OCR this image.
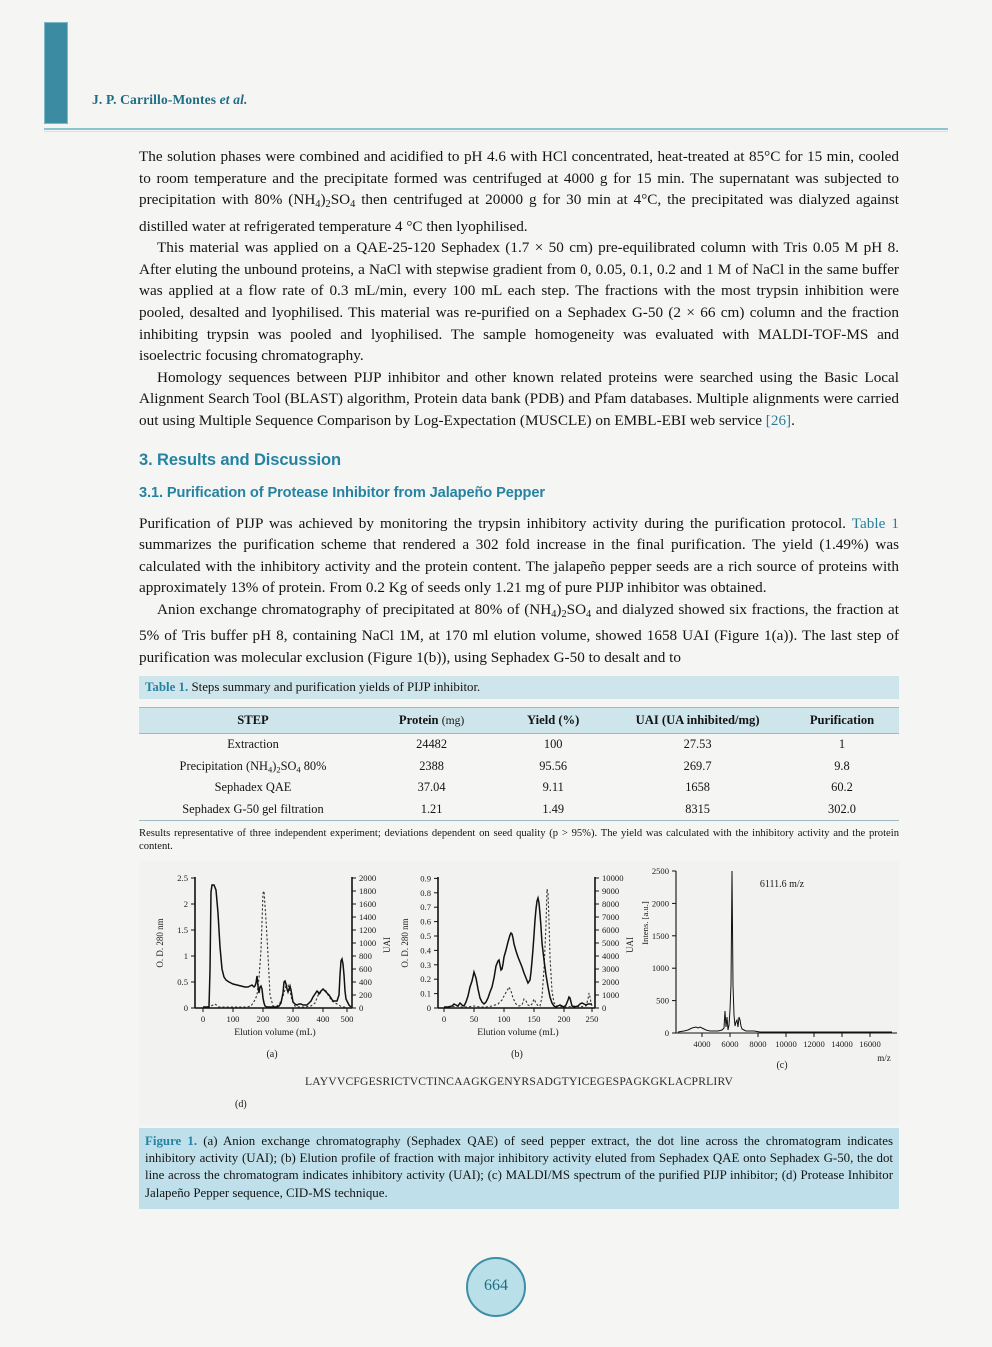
J. P. Carrillo-Montes et al.

The solution phases were combined and acidified to pH 4.6 with HCl concentrated, heat-treated at 85°C for 15 min, cooled to room temperature and the precipitate formed was centrifuged at 4000 g for 15 min. The supernatant was subjected to precipitation with 80% $(NH_4)_2SO_4$ then centrifuged at 20000 g for 30 min at 4°C, the precipitated was dialyzed against distilled water at refrigerated temperature 4 °C then lyophilised.

This material was applied on a QAE-25-120 Sephadex (1.7 × 50 cm) pre-equilibrated column with Tris 0.05 M pH 8. After eluting the unbound proteins, a NaCl with stepwise gradient from 0, 0.05, 0.1, 0.2 and 1 M of NaCl in the same buffer was applied at a flow rate of 0.3 mL/min, every 100 mL each step. The fractions with the most trypsin inhibition were pooled, desalted and lyophilised. This material was re-purified on a Sephadex G-50 (2 × 66 cm) column and the fraction inhibiting trypsin was pooled and lyophilised. The sample homogeneity was evaluated with MALDI-TOF-MS and isoelectric focusing chromatography.

Homology sequences between PIJP inhibitor and other known related proteins were searched using the Basic Local Alignment Search Tool (BLAST) algorithm, Protein data bank (PDB) and Pfam databases. Multiple alignments were carried out using Multiple Sequence Comparison by Log-Expectation (MUSCLE) on EMBL-EBI web service [26].

3. Results and Discussion
3.1. Purification of Protease Inhibitor from Jalapeño Pepper

Purification of PIJP was achieved by monitoring the trypsin inhibitory activity during the purification protocol. Table 1 summarizes the purification scheme that rendered a 302 fold increase in the final purification. The yield (1.49%) was calculated with the inhibitory activity and the protein content. The jalapeño pepper seeds are a rich source of proteins with approximately 13% of protein. From 0.2 Kg of seeds only 1.21 mg of pure PIJP inhibitor was obtained.

Anion exchange chromatography of precipitated at 80% of $(NH_4)_2SO_4$ and dialyzed showed six fractions, the fraction at 5% of Tris buffer pH 8, containing NaCl 1M, at 170 ml elution volume, showed 1658 UAI (Figure 1(a)). The last step of purification was molecular exclusion (Figure 1(b)), using Sephadex G-50 to desalt and to

Table 1. Steps summary and purification yields of PIJP inhibitor.
STEP	Protein (mg)	Yield (%)	UAI (UA inhibited/mg)	Purification
Extraction	24482	100	27.53	1
Precipitation $(NH_4)_2SO_4$ 80%	2388	95.56	269.7	9.8
Sephadex QAE	37.04	9.11	1658	60.2
Sephadex G-50 gel filtration	1.21	1.49	8315	302.0
Results representative of three independent experiment; deviations dependent on seed quality (p > 95%). The yield was calculated with the inhibitory activity and the protein content.
0
0.5
1
1.5
2
2.5
0
200
400
600
800
1000
1200
1400
1600
1800
2000
0 100 200 300 400 500
Elution volume (mL)
O. D. 280 nm	UAI
(a)
0
0.1
0.2
0.3
0.4
0.5
0.6
0.7
0.8
0.9
0
1000
2000
3000
4000
5000
6000
7000
8000
9000
10000
0	50 100 150 200 250
Elution volume (mL)
O. D. 280 nm	UAI
(b)
0
500
1000
1500
2000
2500
Intens. [a.u.]
4000 6000 8000 10000 12000 14000 16000
m/z
6111.6 m/z
(c)
LAYVVCFGESRICTVCTINCAAGKGENYRSADGTYICEGESPAGKGKLACPRLIRV
(d)
Figure 1. (a) Anion exchange chromatography (Sephadex QAE) of seed pepper extract, the dot line across the chromatogram indicates inhibitory activity (UAI); (b) Elution profile of fraction with major inhibitory activity eluted from Sephadex QAE onto Sephadex G-50, the dot line across the chromatogram indicates inhibitory activity (UAI); (c) MALDI/MS spectrum of the purified PIJP inhibitor; (d) Protease Inhibitor Jalapeño Pepper sequence, CID-MS technique.
664
